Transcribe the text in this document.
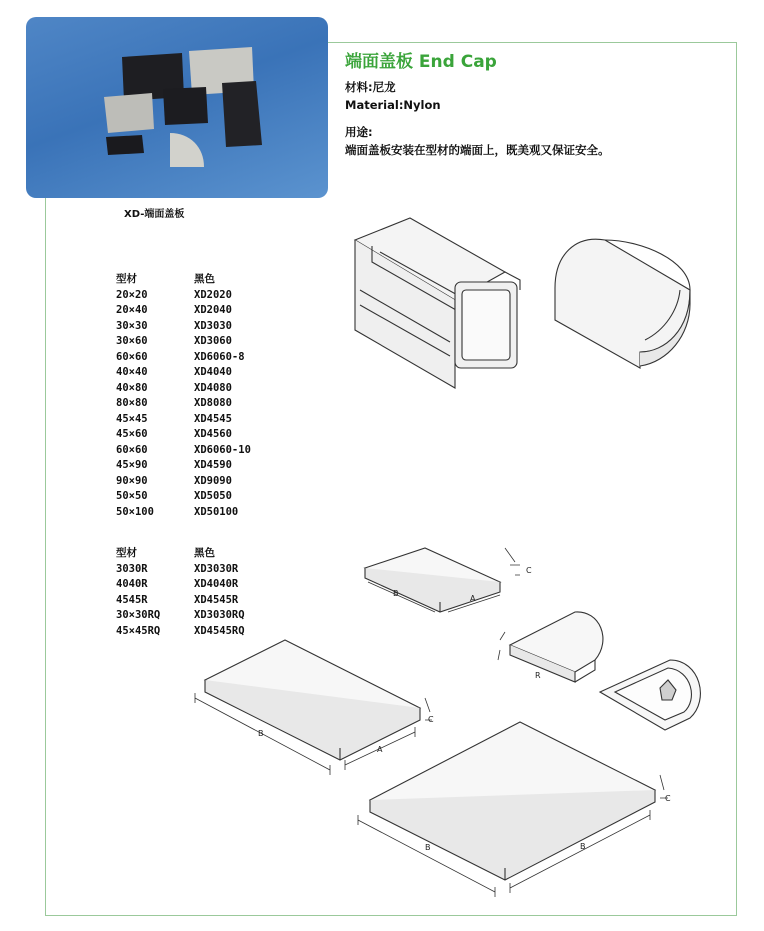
XD-端面盖板
端面盖板 End Cap
材料:尼龙
Material:Nylon
用途:
端面盖板安装在型材的端面上，既美观又保证安全。
型材	黑色
20×20	XD2020
20×40	XD2040
30×30	XD3030
30×60	XD3060
60×60	XD6060-8
40×40	XD4040
40×80	XD4080
80×80	XD8080
45×45	XD4545
45×60	XD4560
60×60	XD6060-10
45×90	XD4590
90×90	XD9090
50×50	XD5050
50×100	XD50100
型材	黑色
3030R	XD3030R
4040R	XD4040R
4545R	XD4545R
30×30RQ	XD3030RQ
45×45RQ	XD4545RQ
B
A
C
R
B
A
C
B	B
C
